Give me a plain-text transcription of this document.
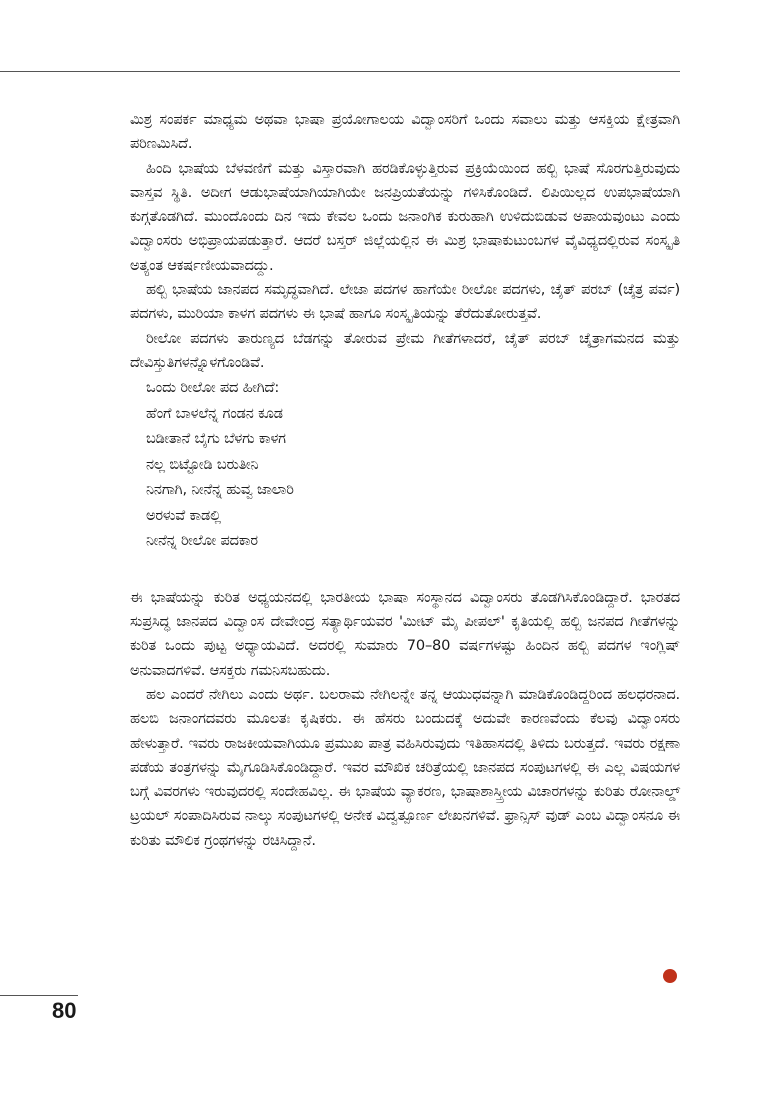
ಮಿಶ್ರ ಸಂಪರ್ಕ ಮಾಧ್ಯಮ ಅಥವಾ ಭಾಷಾ ಪ್ರಯೋಗಾಲಯ ವಿದ್ವಾಂಸರಿಗೆ ಒಂದು ಸವಾಲು ಮತ್ತು ಆಸಕ್ತಿಯ ಕ್ಷೇತ್ರವಾಗಿ ಪರಿಣಮಿಸಿದೆ.

ಹಿಂದಿ ಭಾಷೆಯ ಬೆಳವಣಿಗೆ ಮತ್ತು ವಿಸ್ತಾರವಾಗಿ ಹರಡಿಕೊಳ್ಳುತ್ತಿರುವ ಪ್ರಕ್ರಿಯೆಯಿಂದ ಹಲ್ಬಿ ಭಾಷೆ ಸೊರಗುತ್ತಿರುವುದು ವಾಸ್ತವ ಸ್ಥಿತಿ. ಅದೀಗ ಆಡುಭಾಷೆಯಾಗಿಯಾಗಿಯೇ ಜನಪ್ರಿಯತೆಯನ್ನು ಗಳಿಸಿಕೊಂಡಿದೆ. ಲಿಪಿಯಿಲ್ಲದ ಉಪಭಾಷೆಯಾಗಿ ಕುಗ್ಗತೊಡಗಿದೆ. ಮುಂದೊಂದು ದಿನ ಇದು ಕೇವಲ ಒಂದು ಜನಾಂಗಿಕ ಕುರುಹಾಗಿ ಉಳಿದುಬಿಡುವ ಅಪಾಯವುಂಟು ಎಂದು ವಿದ್ವಾಂಸರು ಅಭಿಪ್ರಾಯಪಡುತ್ತಾರೆ. ಆದರೆ ಬಸ್ತರ್ ಜಿಲ್ಲೆಯಲ್ಲಿನ ಈ ಮಿಶ್ರ ಭಾಷಾಕುಟುಂಬಗಳ ವೈವಿಧ್ಯದಲ್ಲಿರುವ ಸಂಸ್ಕೃತಿ ಅತ್ಯಂತ ಆಕರ್ಷಣೀಯವಾದದ್ದು.

ಹಲ್ಬಿ ಭಾಷೆಯ ಜಾನಪದ ಸಮೃದ್ಧವಾಗಿದೆ. ಲೇಜಾ ಪದಗಳ ಹಾಗೆಯೇ ರೀಲೋ ಪದಗಳು, ಚೈತ್ ಪರಬ್ (ಚೈತ್ರ ಪರ್ವ) ಪದಗಳು, ಮುರಿಯಾ ಕಾಳಗ ಪದಗಳು ಈ ಭಾಷೆ ಹಾಗೂ ಸಂಸ್ಕೃತಿಯನ್ನು ತೆರೆದುತೋರುತ್ತವೆ.

ರೀಲೋ ಪದಗಳು ತಾರುಣ್ಯದ ಬೆಡಗನ್ನು ತೋರುವ ಪ್ರೇಮ ಗೀತೆಗಳಾದರೆ, ಚೈತ್ ಪರಬ್ ಚೈತ್ರಾಗಮನದ ಮತ್ತು ದೇವಿಸ್ತುತಿಗಳನ್ನೊಳಗೊಂಡಿವೆ.

ಒಂದು ರೀಲೋ ಪದ ಹೀಗಿದೆ:
ಹೆಂಗೆ ಬಾಳಲೆನ್ನ ಗಂಡನ ಕೂಡ
ಬಡೀತಾನೆ ಬೈಗು ಬೆಳಗು ಕಾಳಗ
ನಲ್ಲ ಬಿಟ್ಟೋಡಿ ಬರುತೀನಿ
ನಿನಗಾಗಿ, ನೀನೆನ್ನ ಹುವ್ವ ಜಾಲಾರಿ
ಅರಳುವೆ ಕಾಡಲ್ಲಿ
ನೀನೆನ್ನ ರೀಲೋ ಪದಕಾರ

ಈ ಭಾಷೆಯನ್ನು ಕುರಿತ ಅಧ್ಯಯನದಲ್ಲಿ ಭಾರತೀಯ ಭಾಷಾ ಸಂಸ್ಥಾನದ ವಿದ್ವಾಂಸರು ತೊಡಗಿಸಿಕೊಂಡಿದ್ದಾರೆ. ಭಾರತದ ಸುಪ್ರಸಿದ್ಧ ಜಾನಪದ ವಿದ್ವಾಂಸ ದೇವೇಂದ್ರ ಸತ್ಯಾರ್ಥಿಯವರ 'ಮೀಟ್ ಮೈ ಪೀಪಲ್' ಕೃತಿಯಲ್ಲಿ ಹಲ್ಬಿ ಜನಪದ ಗೀತೆಗಳನ್ನು ಕುರಿತ ಒಂದು ಪುಟ್ಟ ಅಧ್ಯಾಯವಿದೆ. ಅದರಲ್ಲಿ ಸುಮಾರು 70–80 ವರ್ಷಗಳಷ್ಟು ಹಿಂದಿನ ಹಲ್ಬಿ ಪದಗಳ ಇಂಗ್ಲಿಷ್ ಅನುವಾದಗಳಿವೆ. ಆಸಕ್ತರು ಗಮನಿಸಬಹುದು.

ಹಲ ಎಂದರೆ ನೇಗಿಲು ಎಂದು ಅರ್ಥ. ಬಲರಾಮ ನೇಗಿಲನ್ನೇ ತನ್ನ ಆಯುಧವನ್ನಾಗಿ ಮಾಡಿಕೊಂಡಿದ್ದರಿಂದ ಹಲಧರನಾದ. ಹಲಬಿ ಜನಾಂಗದವರು ಮೂಲತಃ ಕೃಷಿಕರು. ಈ ಹೆಸರು ಬಂದುದಕ್ಕೆ ಅದುವೇ ಕಾರಣವೆಂದು ಕೆಲವು ವಿದ್ವಾಂಸರು ಹೇಳುತ್ತಾರೆ. ಇವರು ರಾಜಕೀಯವಾಗಿಯೂ ಪ್ರಮುಖ ಪಾತ್ರ ವಹಿಸಿರುವುದು ಇತಿಹಾಸದಲ್ಲಿ ತಿಳಿದು ಬರುತ್ತದೆ. ಇವರು ರಕ್ಷಣಾ ಪಡೆಯ ತಂತ್ರಗಳನ್ನು ಮೈಗೂಡಿಸಿಕೊಂಡಿದ್ದಾರೆ. ಇವರ ಮೌಖಿಕ ಚರಿತ್ರೆಯಲ್ಲಿ ಜಾನಪದ ಸಂಪುಟಗಳಲ್ಲಿ ಈ ಎಲ್ಲ ವಿಷಯಗಳ ಬಗ್ಗೆ ವಿವರಗಳು ಇರುವುದರಲ್ಲಿ ಸಂದೇಹವಿಲ್ಲ. ಈ ಭಾಷೆಯ ವ್ಯಾಕರಣ, ಭಾಷಾಶಾಸ್ತ್ರೀಯ ವಿಚಾರಗಳನ್ನು ಕುರಿತು ರೋನಾಲ್ಡ್ ಟ್ರಯಲ್ ಸಂಪಾದಿಸಿರುವ ನಾಲ್ಕು ಸಂಪುಟಗಳಲ್ಲಿ ಅನೇಕ ವಿದ್ವತ್ಪೂರ್ಣ ಲೇಖನಗಳಿವೆ. ಫ್ರಾನ್ಸಿಸ್ ವುಡ್ ಎಂಬ ವಿದ್ವಾಂಸನೂ ಈ ಕುರಿತು ಮೌಲಿಕ ಗ್ರಂಥಗಳನ್ನು ರಚಿಸಿದ್ದಾನೆ.

80
